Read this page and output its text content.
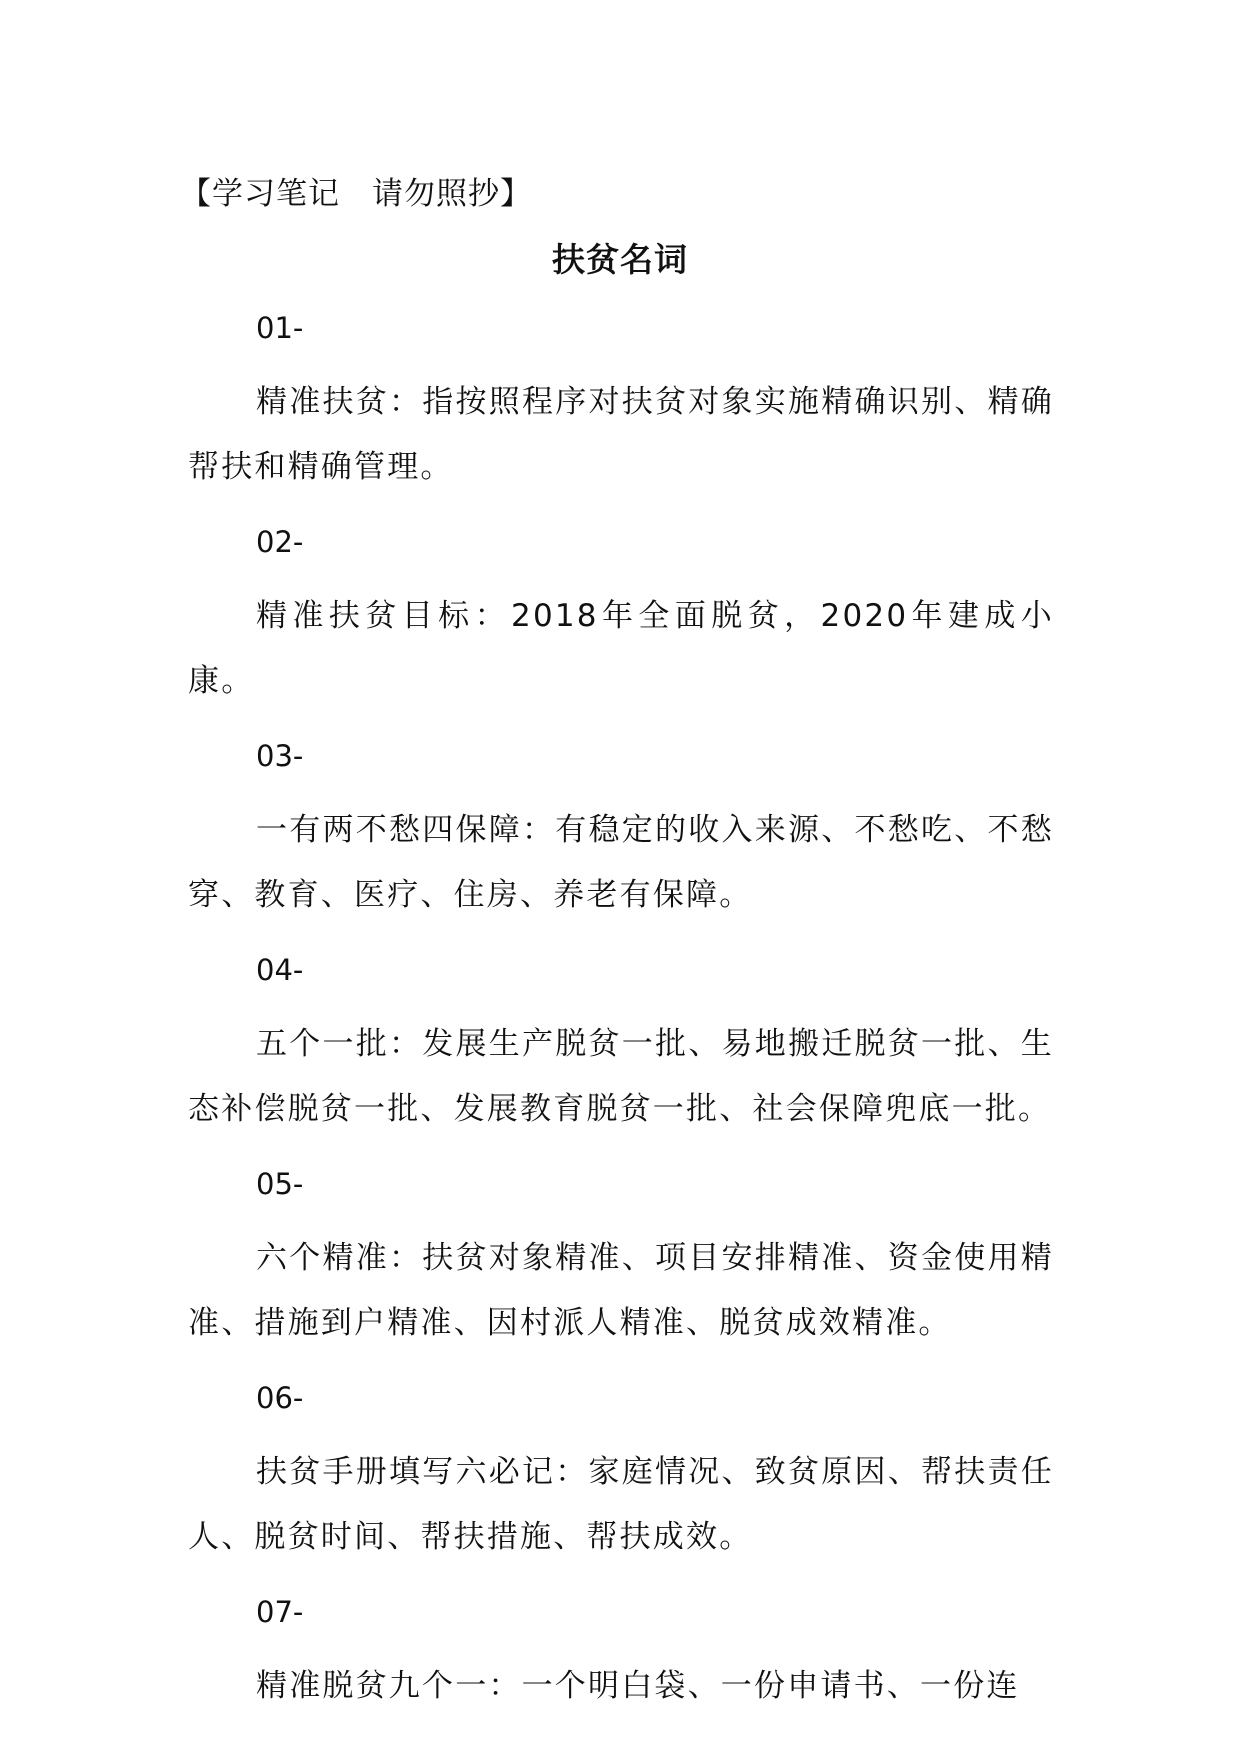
【学习笔记　请勿照抄】
扶贫名词
01-

精准扶贫：指按照程序对扶贫对象实施精确识别、精确帮扶和精确管理。

02-

精准扶贫目标：2018年全面脱贫，2020年建成小康。

03-

一有两不愁四保障：有稳定的收入来源、不愁吃、不愁穿、教育、医疗、住房、养老有保障。

04-

五个一批：发展生产脱贫一批、易地搬迁脱贫一批、生态补偿脱贫一批、发展教育脱贫一批、社会保障兜底一批。

05-

六个精准：扶贫对象精准、项目安排精准、资金使用精准、措施到户精准、因村派人精准、脱贫成效精准。

06-

扶贫手册填写六必记：家庭情况、致贫原因、帮扶责任人、脱贫时间、帮扶措施、帮扶成效。

07-

精准脱贫九个一：一个明白袋、一份申请书、一份连
